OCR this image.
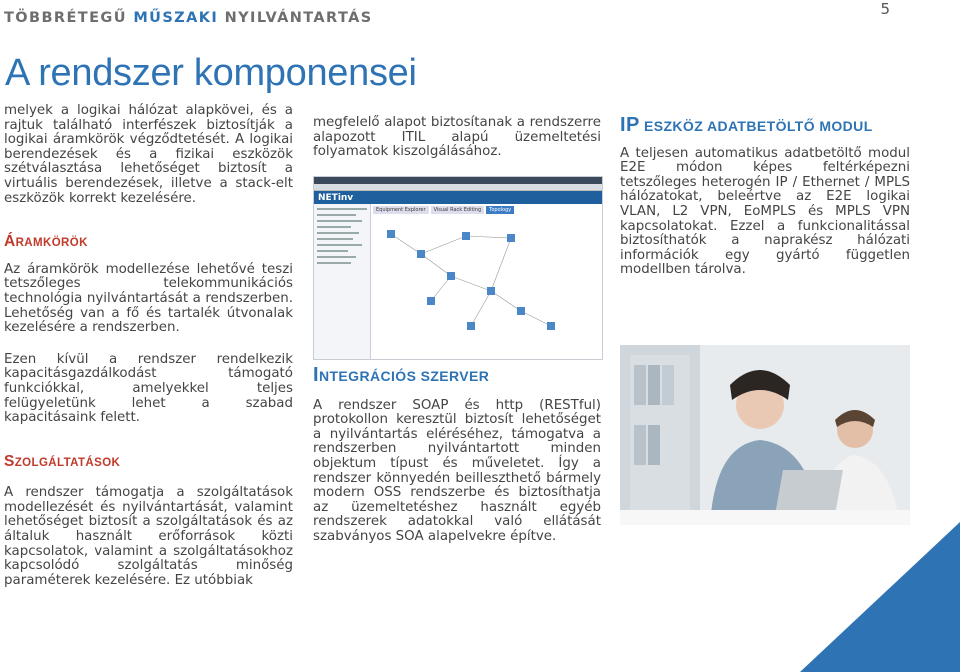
TÖBBRÉTEGŰ MŰSZAKI NYILVÁNTARTÁS	5
A rendszer komponensei

melyek a logikai hálózat alapkövei, és a rajtuk található interfészek biztosítják a logikai áramkörök végződtetését. A logikai berendezések és a fizikai eszközök szétválasztása lehetőséget biztosít a virtuális berendezések, illetve a stack-elt eszközök korrekt kezelésére.

ÁRAMKÖRÖK

Az áramkörök modellezése lehetővé teszi tetszőleges telekommunikációs technológia nyilvántartását a rendszerben. Lehetőség van a fő és tartalék útvonalak kezelésére a rendszerben.

Ezen kívül a rendszer rendelkezik kapacitásgazdálkodást támogató funkciókkal, amelyekkel teljes felügyeletünk lehet a szabad kapacitásaink felett.

SZOLGÁLTATÁSOK

A rendszer támogatja a szolgáltatások modellezését és nyilvántartását, valamint lehetőséget biztosít a szolgáltatások és az általuk használt erőforrások közti kapcsolatok, valamint a szolgáltatásokhoz kapcsolódó szolgáltatás minőség paraméterek kezelésére. Ez utóbbiak

megfelelő alapot biztosítanak a rendszerre alapozott ITIL alapú üzemeltetési folyamatok kiszolgálásához.

NETinv
Equipment Explorer	Visual Rack Editing	Topology

INTEGRÁCIÓS SZERVER

A rendszer SOAP és http (RESTful) protokollon keresztül biztosít lehetőséget a nyilvántartás eléréséhez, támogatva a rendszerben nyilvántartott minden objektum típust és műveletet. Így a rendszer könnyedén beilleszthető bármely modern OSS rendszerbe és biztosíthatja az üzemeltetéshez használt egyéb rendszerek adatokkal való ellátását szabványos SOA alapelvekre építve.

IP ESZKÖZ ADATBETÖLTŐ MODUL

A teljesen automatikus adatbetöltő modul E2E módon képes feltérképezni tetszőleges heterogén IP / Ethernet / MPLS hálózatokat, beleértve az E2E logikai VLAN, L2 VPN, EoMPLS és MPLS VPN kapcsolatokat. Ezzel a funkcionalitással biztosíthatók a naprakész hálózati információk egy gyártó független modellben tárolva.
